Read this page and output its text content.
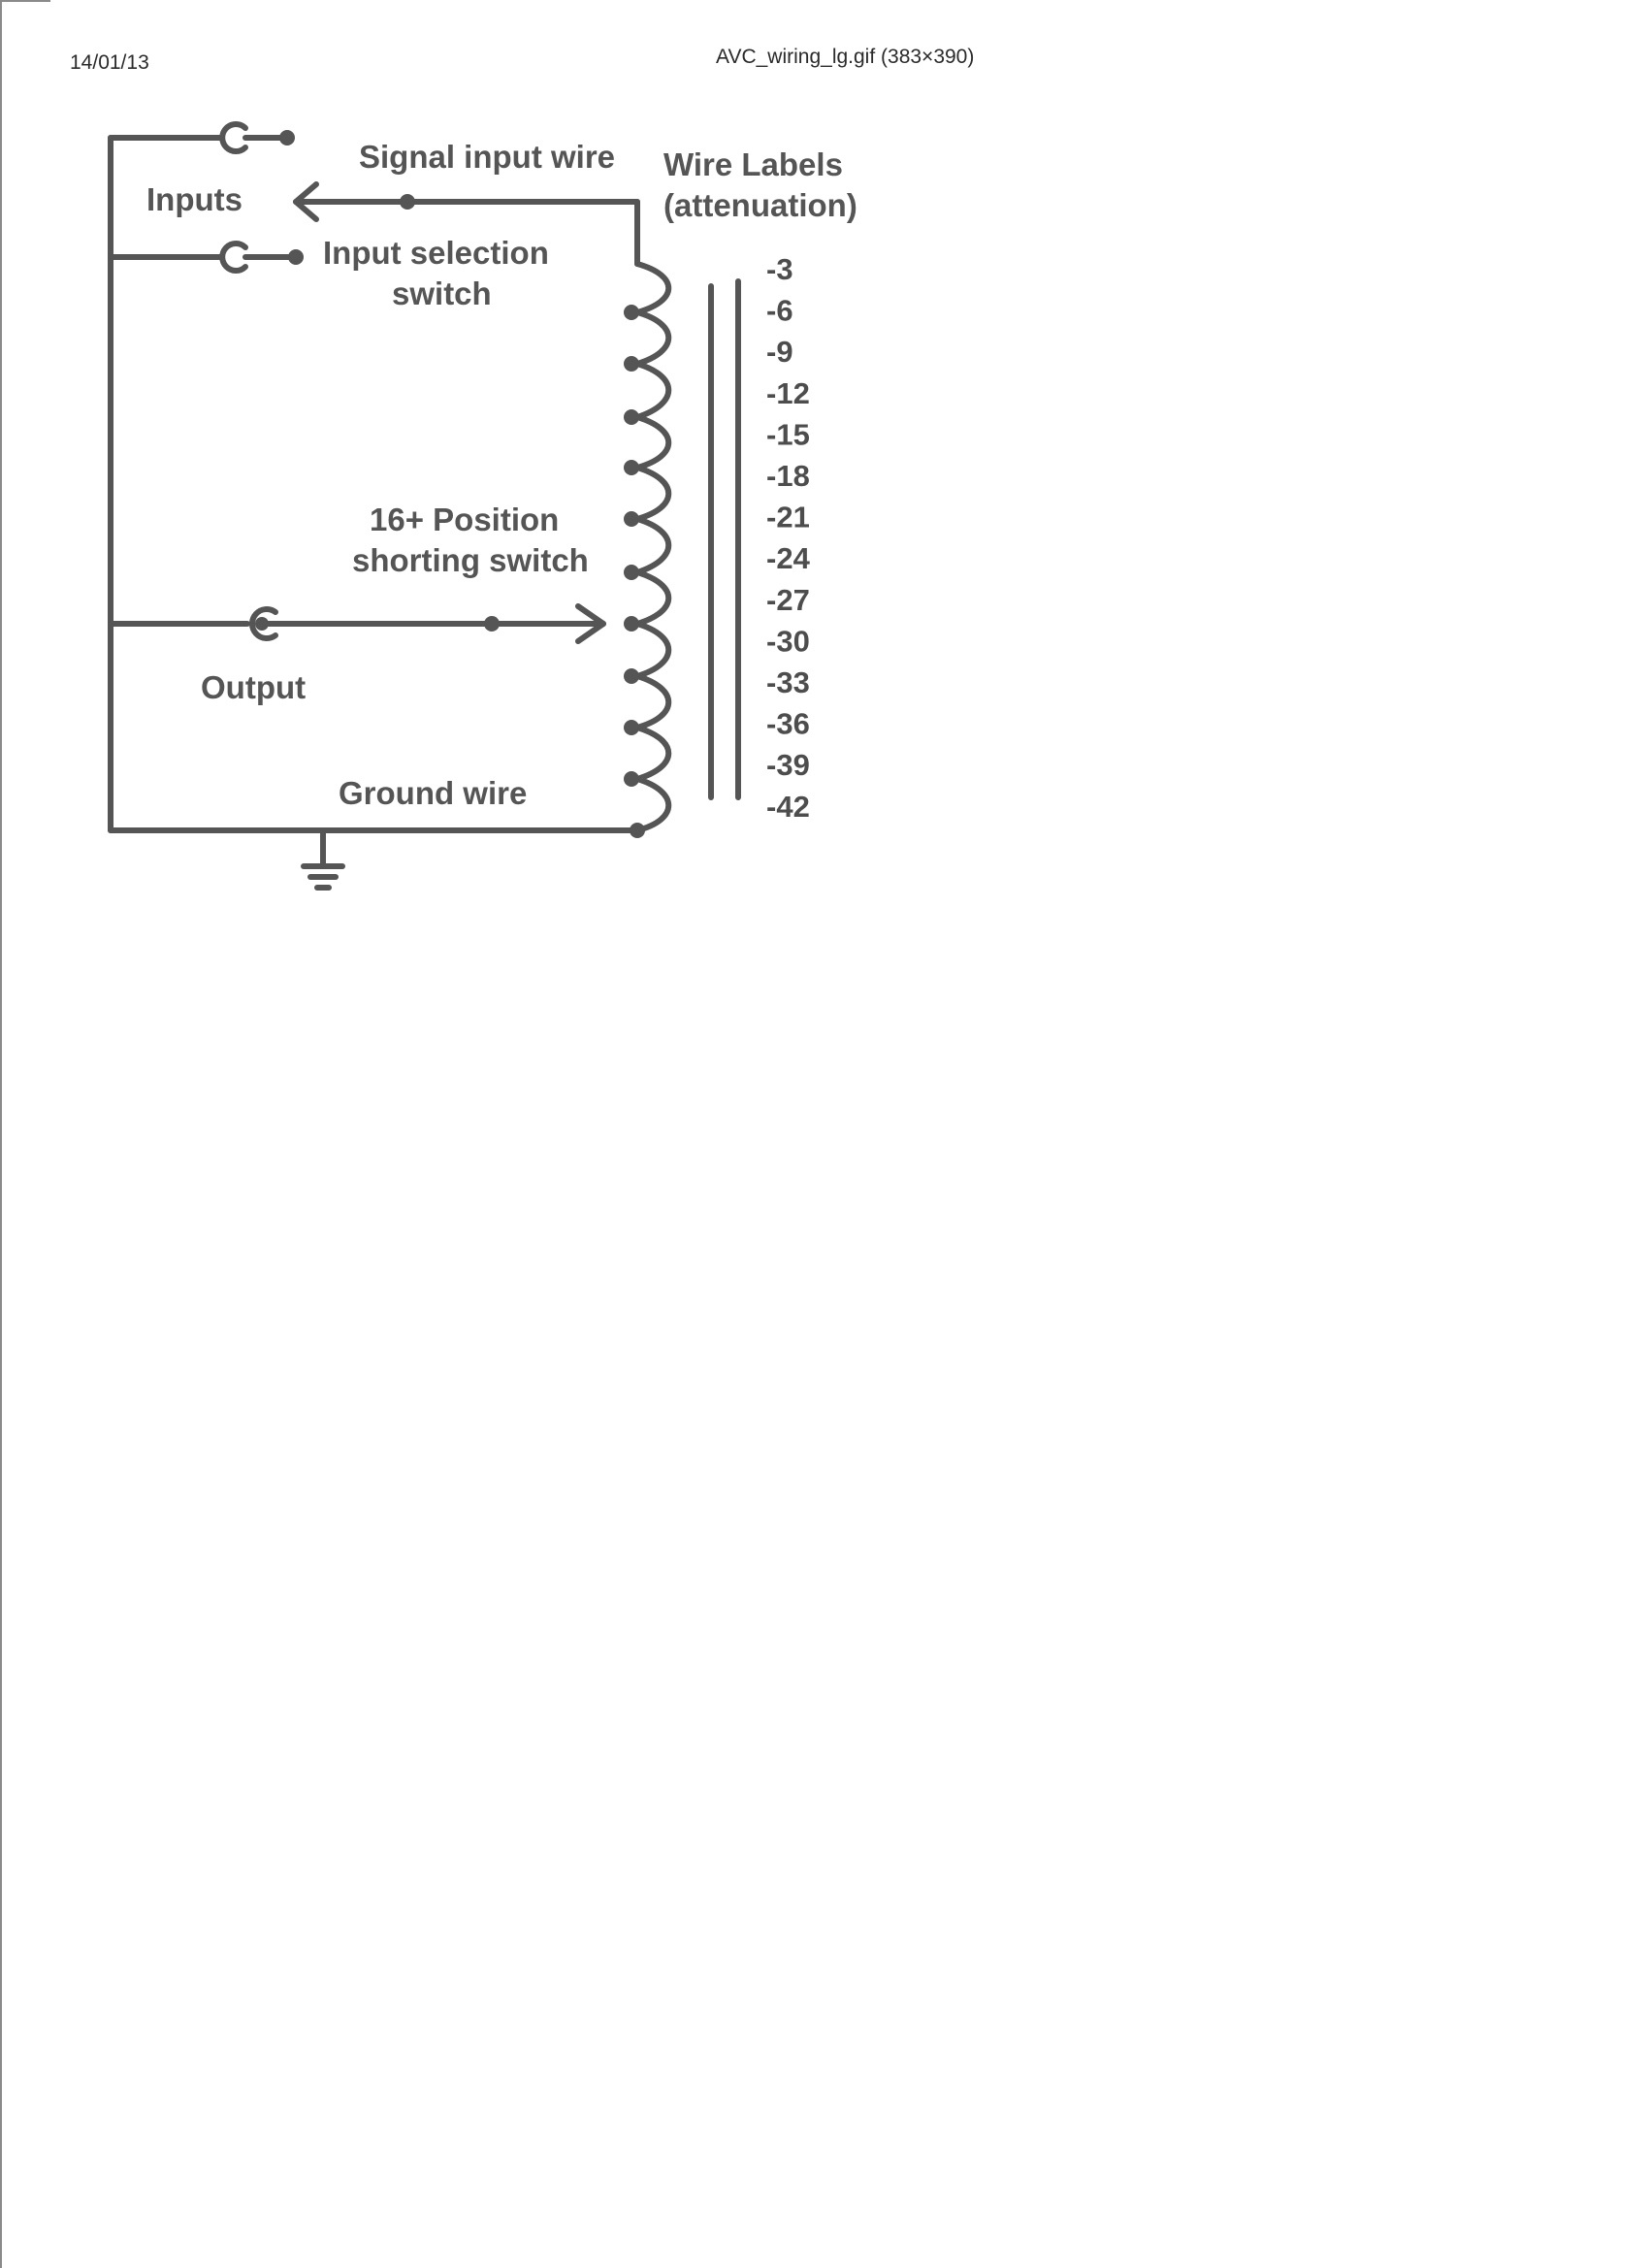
14/01/13	AVC_wiring_lg.gif (383×390)
Signal input wire
Inputs
Input selection
switch
Wire Labels
(attenuation)
16+ Position
shorting switch
Output
Ground wire
-3
-6
-9
-12
-15
-18
-21
-24
-27
-30
-33
-36
-39
-42
